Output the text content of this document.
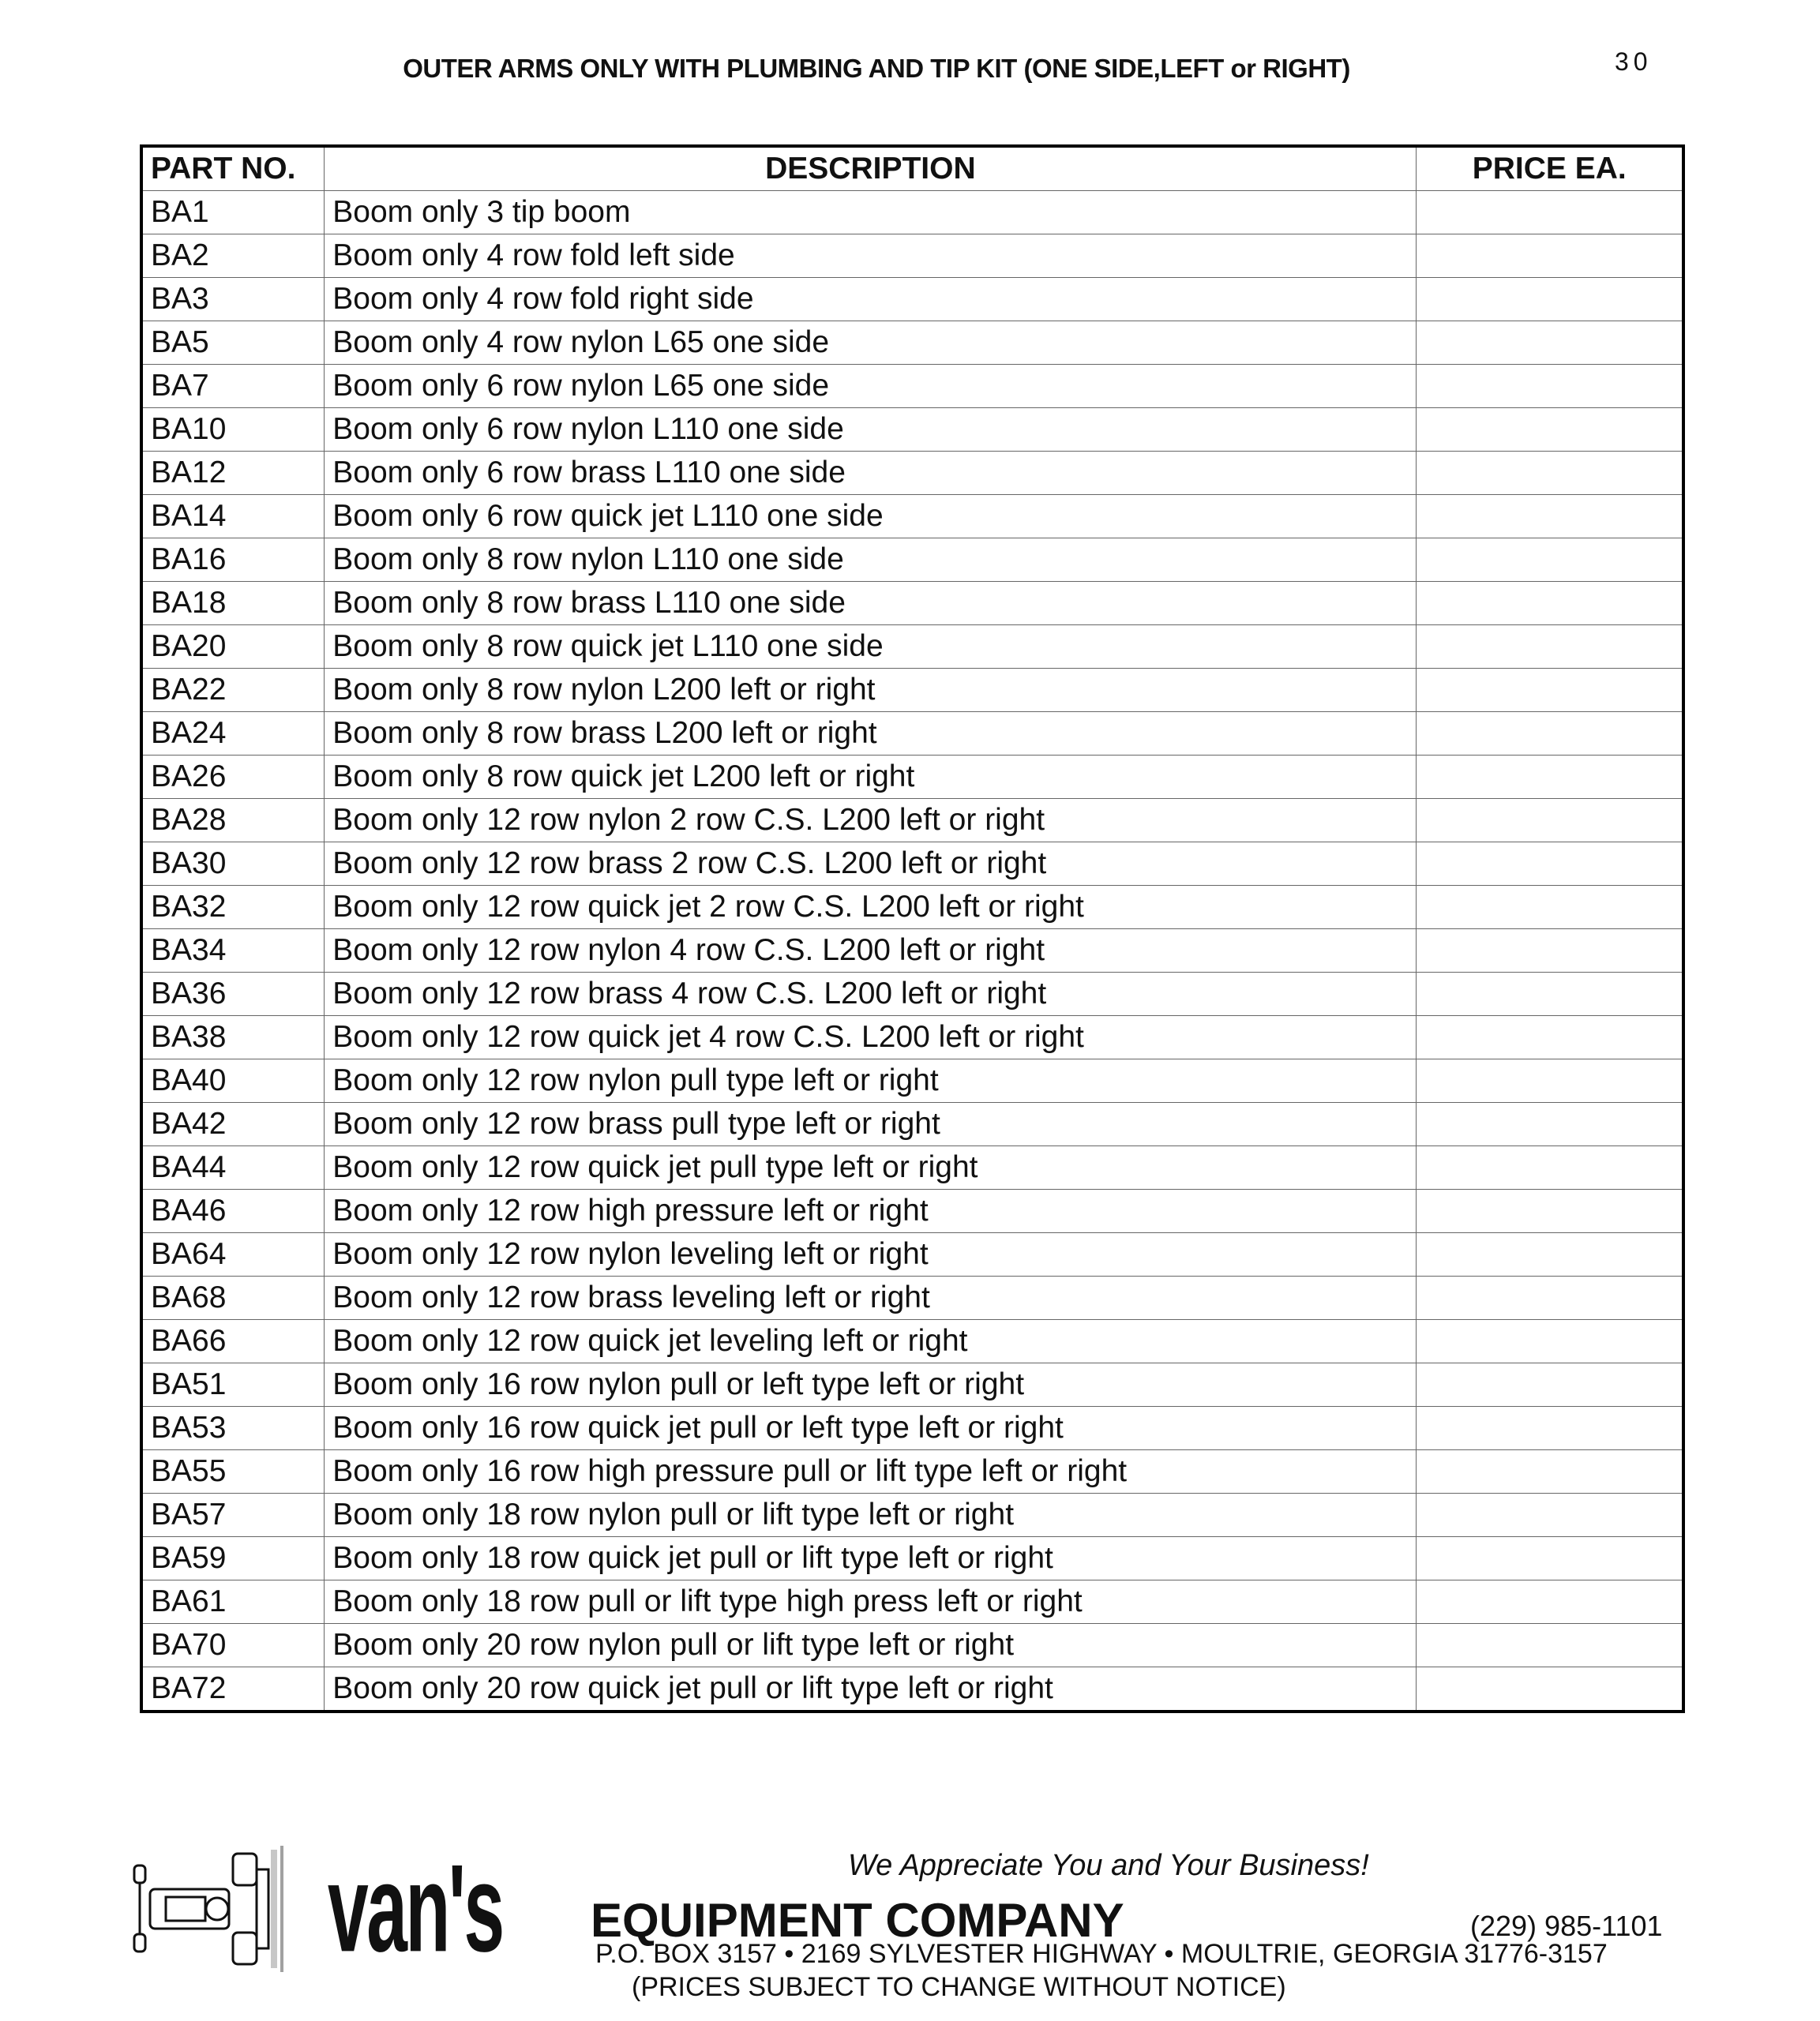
OUTER ARMS ONLY WITH PLUMBING AND TIP KIT (ONE SIDE,LEFT or RIGHT)	30
PART NO.	DESCRIPTION	PRICE EA.
BA1	Boom only 3 tip boom	
BA2	Boom only 4 row fold left side	
BA3	Boom only 4 row fold right side	
BA5	Boom only 4 row nylon L65 one side	
BA7	Boom only 6 row nylon L65 one side	
BA10	Boom only 6 row nylon L110 one side	
BA12	Boom only 6 row brass L110 one side	
BA14	Boom only 6 row quick jet L110 one side	
BA16	Boom only 8 row nylon L110 one side	
BA18	Boom only 8 row brass L110 one side	
BA20	Boom only 8 row quick jet L110 one side	
BA22	Boom only 8 row nylon L200 left or right	
BA24	Boom only 8 row brass L200 left or right	
BA26	Boom only 8 row quick jet L200 left or right	
BA28	Boom only 12 row nylon 2 row C.S. L200 left or right	
BA30	Boom only 12 row brass 2 row C.S. L200 left or right	
BA32	Boom only 12 row quick jet 2 row C.S. L200 left or right	
BA34	Boom only 12 row nylon 4 row C.S. L200 left or right	
BA36	Boom only 12 row brass 4 row C.S. L200 left or right	
BA38	Boom only 12 row quick jet 4 row C.S. L200 left or right	
BA40	Boom only 12 row nylon pull type left or right	
BA42	Boom only 12 row brass pull type left or right	
BA44	Boom only 12 row quick jet pull type left or right	
BA46	Boom only 12 row high pressure left or right	
BA64	Boom only 12 row nylon leveling left or right	
BA68	Boom only 12 row brass leveling left or right	
BA66	Boom only 12 row quick jet leveling left or right	
BA51	Boom only 16 row nylon pull or left type left or right	
BA53	Boom only 16 row quick jet pull or left type left or right	
BA55	Boom only 16 row high pressure pull or lift type left or right	
BA57	Boom only 18 row nylon pull or lift type left or right	
BA59	Boom only 18 row quick jet pull or lift type left or right	
BA61	Boom only 18 row pull or lift type high press left or right	
BA70	Boom only 20 row nylon pull or lift type left or right	
BA72	Boom only 20 row quick jet pull or lift type left or right	
van's	We Appreciate You and Your Business!
EQUIPMENT COMPANY	(229) 985-1101
P.O. BOX 3157 • 2169 SYLVESTER HIGHWAY • MOULTRIE, GEORGIA 31776-3157
(PRICES SUBJECT TO CHANGE WITHOUT NOTICE)
